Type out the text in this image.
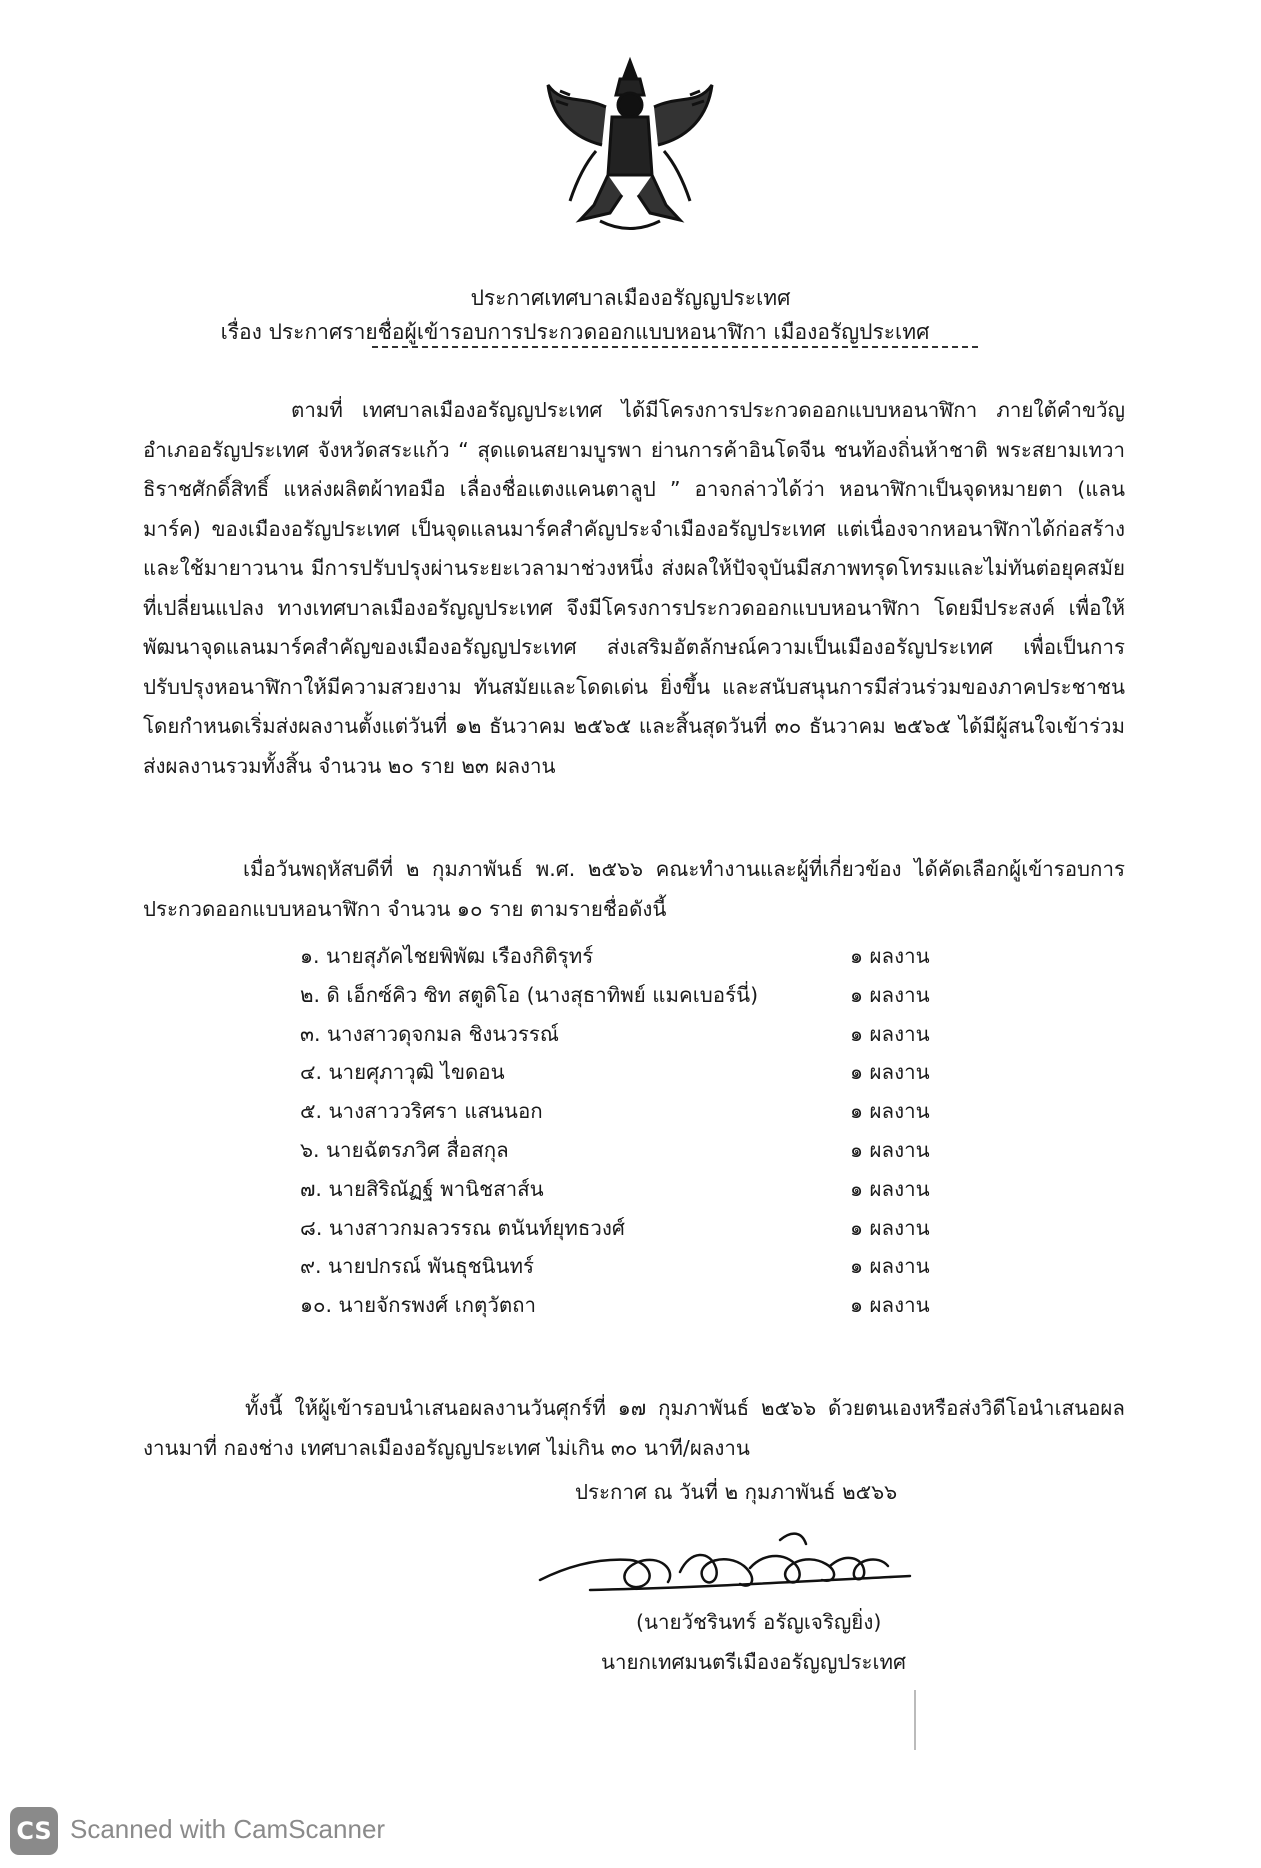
ประกาศเทศบาลเมืองอรัญญประเทศ
เรื่อง ประกาศรายชื่อผู้เข้ารอบการประกวดออกแบบหอนาฬิกา เมืองอรัญประเทศ
ตามที่ เทศบาลเมืองอรัญญประเทศ ได้มีโครงการประกวดออกแบบหอนาฬิกา ภายใต้คำขวัญอำเภออรัญประเทศ จังหวัดสระแก้ว “ สุดแดนสยามบูรพา ย่านการค้าอินโดจีน ชนท้องถิ่นห้าชาติ พระสยามเทวาธิราชศักดิ์สิทธิ์ แหล่งผลิตผ้าทอมือ เลื่องชื่อแตงแคนตาลูป ” อาจกล่าวได้ว่า หอนาฬิกาเป็นจุดหมายตา (แลนมาร์ค) ของเมืองอรัญประเทศ เป็นจุดแลนมาร์คสำคัญประจำเมืองอรัญประเทศ แต่เนื่องจากหอนาฬิกาได้ก่อสร้างและใช้มายาวนาน มีการปรับปรุงผ่านระยะเวลามาช่วงหนึ่ง ส่งผลให้ปัจจุบันมีสภาพทรุดโทรมและไม่ทันต่อยุคสมัยที่เปลี่ยนแปลง ทางเทศบาลเมืองอรัญญประเทศ จึงมีโครงการประกวดออกแบบหอนาฬิกา โดยมีประสงค์ เพื่อให้พัฒนาจุดแลนมาร์คสำคัญของเมืองอรัญญประเทศ ส่งเสริมอัตลักษณ์ความเป็นเมืองอรัญประเทศ เพื่อเป็นการปรับปรุงหอนาฬิกาให้มีความสวยงาม ทันสมัยและโดดเด่น ยิ่งขึ้น และสนับสนุนการมีส่วนร่วมของภาคประชาชน โดยกำหนดเริ่มส่งผลงานตั้งแต่วันที่ ๑๒ ธันวาคม ๒๕๖๕ และสิ้นสุดวันที่ ๓๐ ธันวาคม ๒๕๖๕ ได้มีผู้สนใจเข้าร่วมส่งผลงานรวมทั้งสิ้น จำนวน ๒๐ ราย ๒๓ ผลงาน
เมื่อวันพฤหัสบดีที่ ๒ กุมภาพันธ์ พ.ศ. ๒๕๖๖ คณะทำงานและผู้ที่เกี่ยวข้อง ได้คัดเลือกผู้เข้ารอบการประกวดออกแบบหอนาฬิกา จำนวน ๑๐ ราย ตามรายชื่อดังนี้
๑. นายสุภัคไชยพิพัฒ เรืองกิติรุทร์	๑ ผลงาน
๒. ดิ เอ็กซ์คิว ซิท สตูดิโอ (นางสุธาทิพย์ แมคเบอร์นี่)	๑ ผลงาน
๓. นางสาวดุจกมล ชิงนวรรณ์	๑ ผลงาน
๔. นายศุภาวุฒิ ไขดอน	๑ ผลงาน
๕. นางสาววริศรา แสนนอก	๑ ผลงาน
๖. นายฉัตรภวิศ สื่อสกุล	๑ ผลงาน
๗. นายสิริณัฏฐ์ พานิชสาส์น	๑ ผลงาน
๘. นางสาวกมลวรรณ ตนันท์ยุทธวงศ์	๑ ผลงาน
๙. นายปกรณ์ พันธุชนินทร์	๑ ผลงาน
๑๐. นายจักรพงศ์ เกตุวัตถา	๑ ผลงาน
ทั้งนี้ ให้ผู้เข้ารอบนำเสนอผลงานวันศุกร์ที่ ๑๗ กุมภาพันธ์ ๒๕๖๖ ด้วยตนเองหรือส่งวิดีโอนำเสนอผลงานมาที่ กองช่าง เทศบาลเมืองอรัญญประเทศ ไม่เกิน ๓๐ นาที/ผลงาน
ประกาศ ณ วันที่ ๒ กุมภาพันธ์ ๒๕๖๖
(นายวัชรินทร์ อรัญเจริญยิ่ง)
นายกเทศมนตรีเมืองอรัญญประเทศ
CS Scanned with CamScanner
